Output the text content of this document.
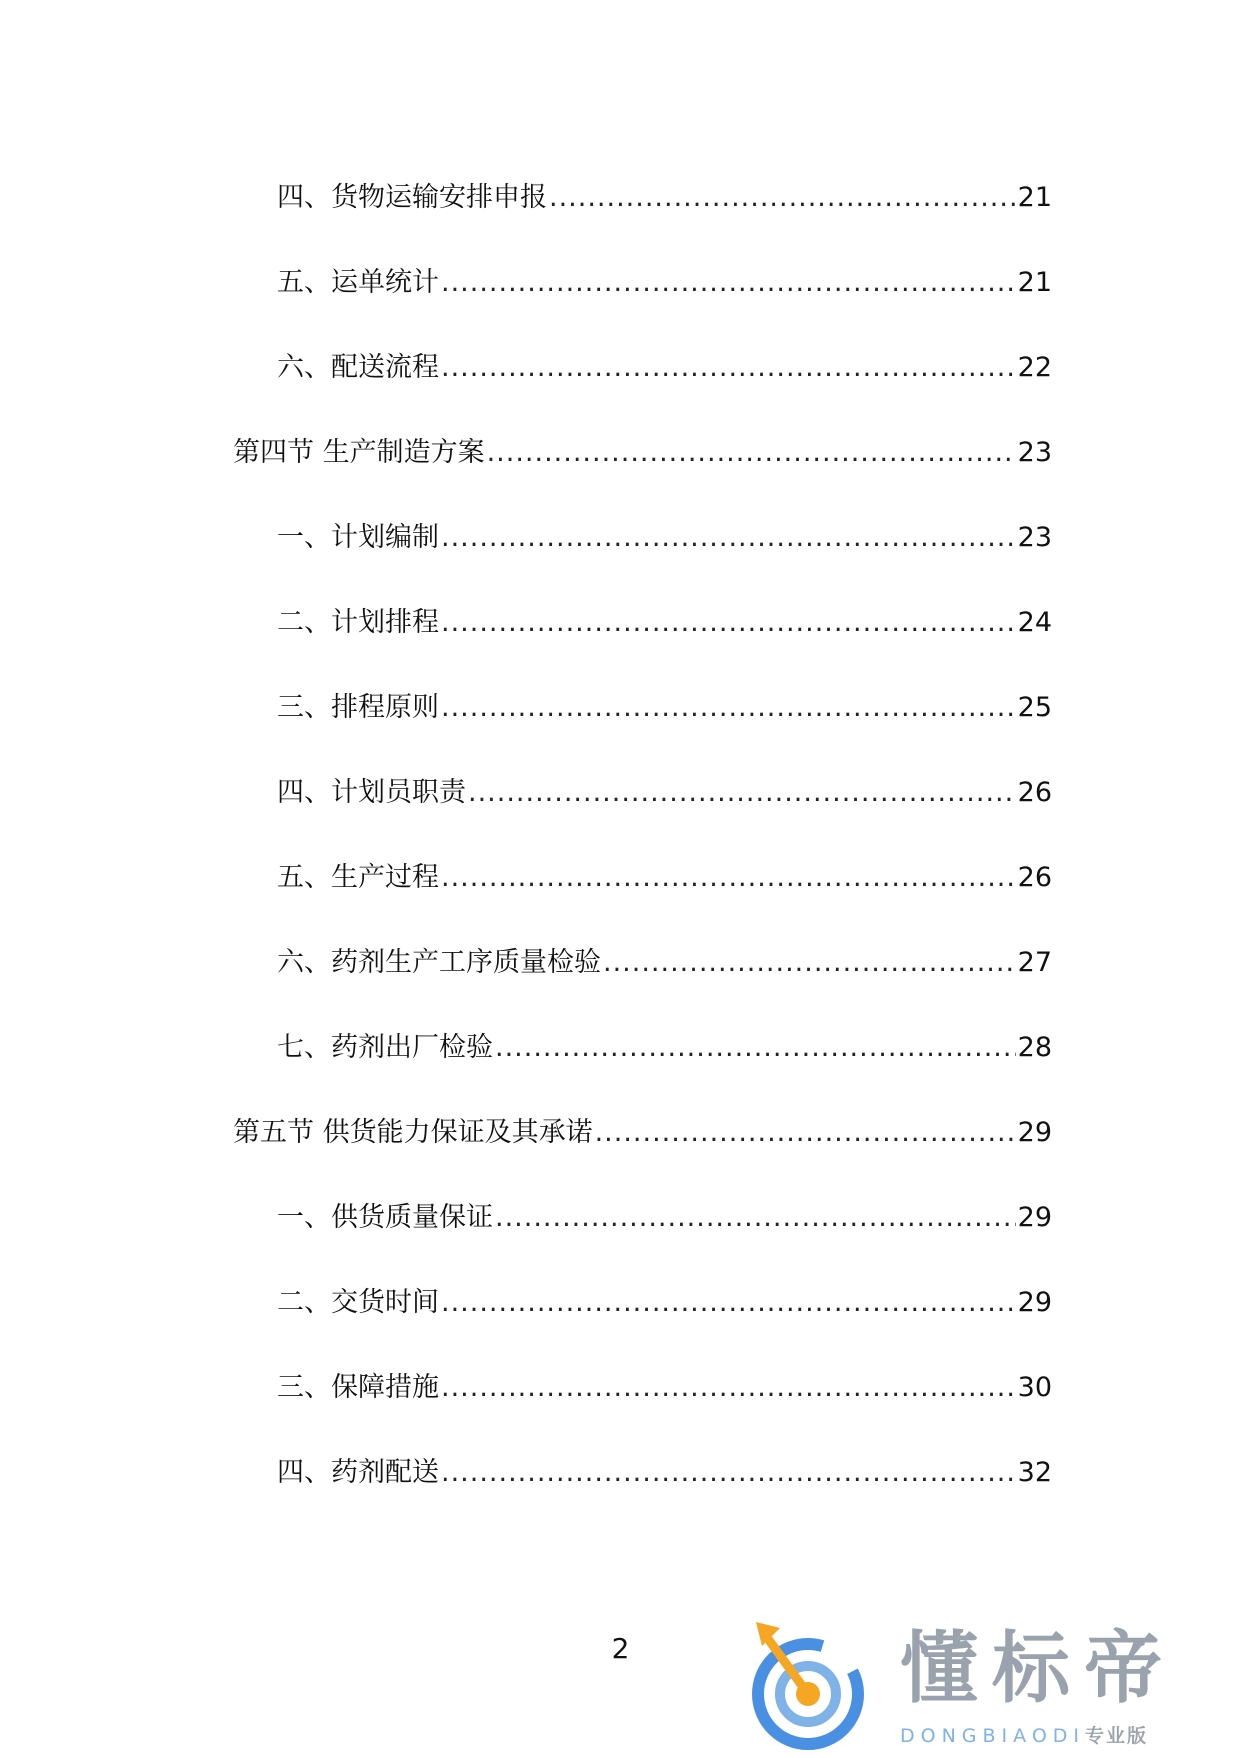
四、货物运输安排申报 .....	21
五、运单统计 .....	21
六、配送流程 .....	22
第四节 生产制造方案 .....	23
一、计划编制 .....	23
二、计划排程 .....	24
三、排程原则 .....	25
四、计划员职责 .....	26
五、生产过程 .....	26
六、药剂生产工序质量检验 .....	27
七、药剂出厂检验 .....	28
第五节 供货能力保证及其承诺 .....	29
一、供货质量保证 .....	29
二、交货时间 .....	29
三、保障措施 .....	30
四、药剂配送 .....	32
2	懂标帝
DONGBIAODI专业版
